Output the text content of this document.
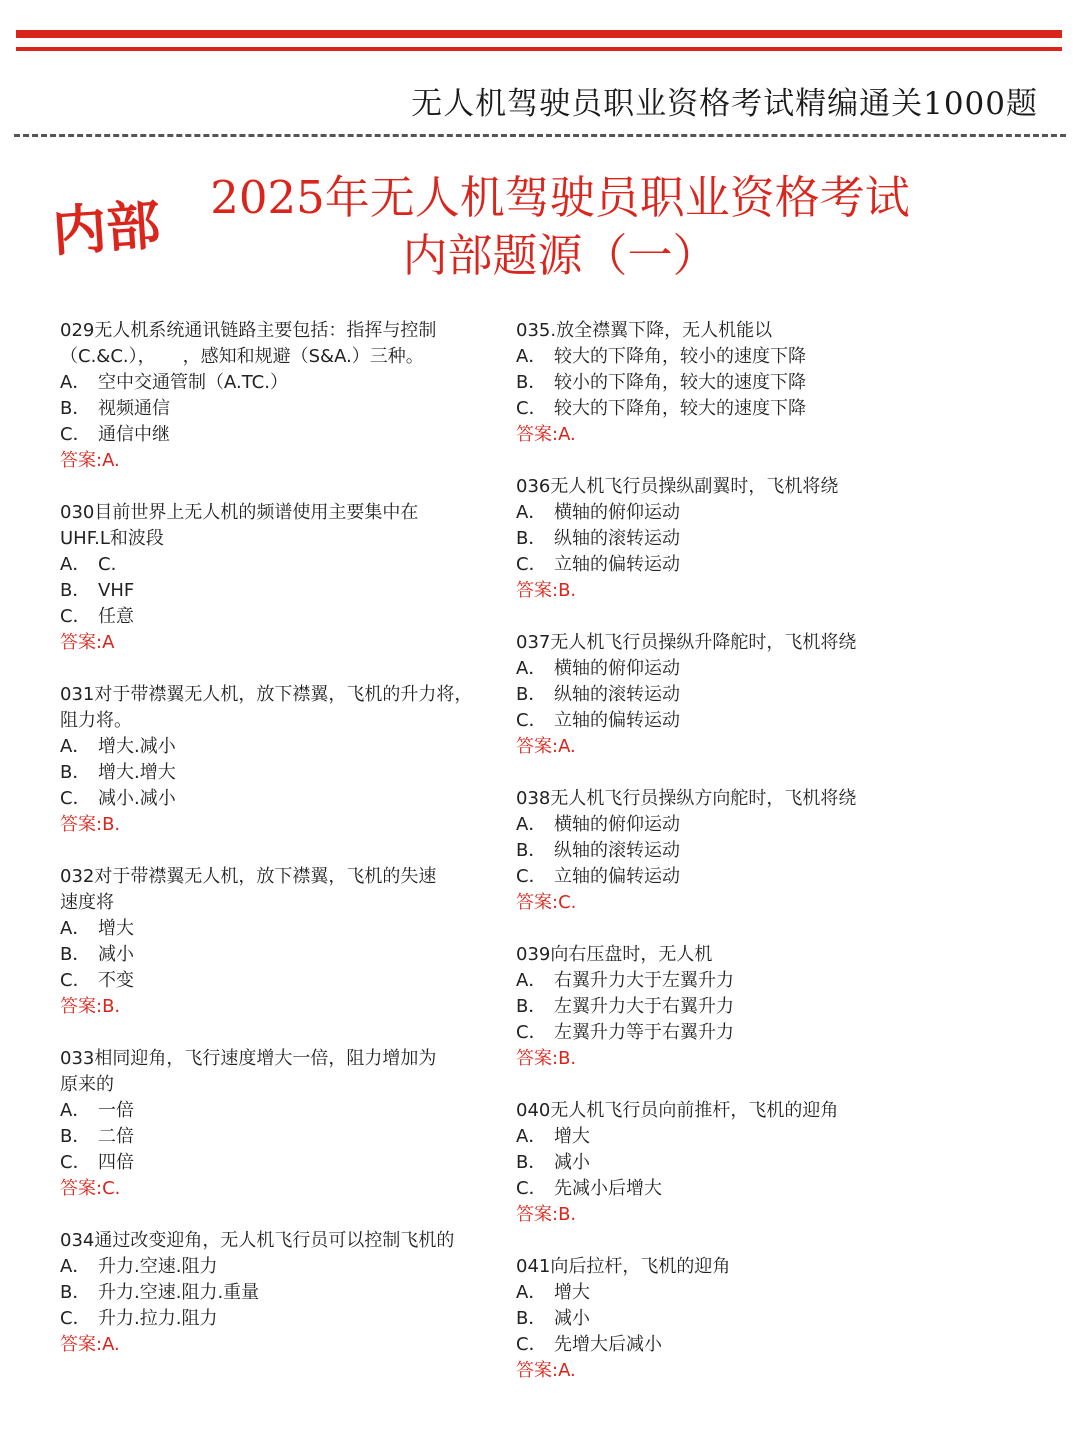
无人机驾驶员职业资格考试精编通关1000题
内部	2025年无人机驾驶员职业资格考试
内部题源（一）
029无人机系统通讯链路主要包括：指挥与控制
（C.&C.），　　，感知和规避（S&A.）三种。
A． 空中交通管制（A.TC.）
B． 视频通信
C． 通信中继
答案:A.
030目前世界上无人机的频谱使用主要集中在
UHF.L和波段
A． C.
B． VHF
C． 任意
答案:A
031对于带襟翼无人机，放下襟翼，飞机的升力将，
阻力将。
A． 增大.减小
B． 增大.增大
C． 减小.减小
答案:B.
032对于带襟翼无人机，放下襟翼，飞机的失速
速度将
A． 增大
B． 减小
C． 不变
答案:B.
033相同迎角，飞行速度增大一倍，阻力增加为
原来的
A． 一倍
B． 二倍
C． 四倍
答案:C.
034通过改变迎角，无人机飞行员可以控制飞机的
A． 升力.空速.阻力
B． 升力.空速.阻力.重量
C． 升力.拉力.阻力
答案:A.
035.放全襟翼下降，无人机能以
A． 较大的下降角，较小的速度下降
B． 较小的下降角，较大的速度下降
C． 较大的下降角，较大的速度下降
答案:A.
036无人机飞行员操纵副翼时，飞机将绕
A． 横轴的俯仰运动
B． 纵轴的滚转运动
C． 立轴的偏转运动
答案:B.
037无人机飞行员操纵升降舵时，飞机将绕
A． 横轴的俯仰运动
B． 纵轴的滚转运动
C． 立轴的偏转运动
答案:A.
038无人机飞行员操纵方向舵时，飞机将绕
A． 横轴的俯仰运动
B． 纵轴的滚转运动
C． 立轴的偏转运动
答案:C.
039向右压盘时，无人机
A． 右翼升力大于左翼升力
B． 左翼升力大于右翼升力
C． 左翼升力等于右翼升力
答案:B.
040无人机飞行员向前推杆，飞机的迎角
A． 增大
B． 减小
C． 先减小后增大
答案:B.
041向后拉杆，飞机的迎角
A． 增大
B． 减小
C． 先增大后减小
答案:A.
